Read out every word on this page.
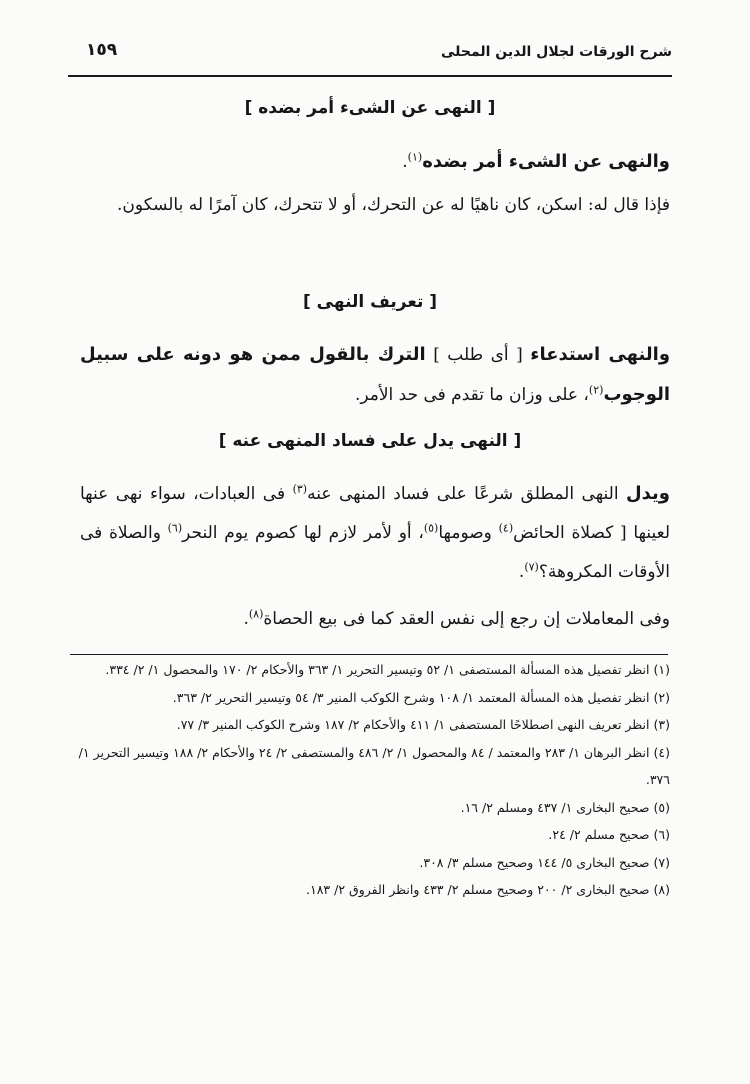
شرح الورقات لجلال الدين المحلى
١٥٩
[ النهى عن الشىء أمر بضده ]
والنهى عن الشىء أمر بضده$^{(١)}$.
فإذا قال له: اسكن، كان ناهيًا له عن التحرك، أو لا تتحرك، كان آمرًا له بالسكون.
[ تعريف النهى ]
والنهى استدعاء [ أى طلب ] الترك بالقول ممن هو دونه على سبيل الوجوب$^{(٢)}$، على وزان ما تقدم فى حد الأمر.
[ النهى يدل على فساد المنهى عنه ]
ويدل النهى المطلق شرعًا على فساد المنهى عنه$^{(٣)}$ فى العبادات، سواء نهى عنها لعينها [ كصلاة الحائض$^{(٤)}$ وصومها$^{(٥)}$، أو لأمر لازم لها كصوم يوم النحر$^{(٦)}$ والصلاة فى الأوقات المكروهة؟$^{(٧)}$.
وفى المعاملات إن رجع إلى نفس العقد كما فى بيع الحصاة$^{(٨)}$.

(١) انظر تفصيل هذه المسألة المستصفى ١/ ٥٢ وتيسير التحرير ١/ ٣٦٣ والأحكام ٢/ ١٧٠ والمحصول ١/ ٢/ ٣٣٤.

(٢) انظر تفصيل هذه المسألة المعتمد ١/ ١٠٨ وشرح الكوكب المنير ٣/ ٥٤ وتيسير التحرير ٢/ ٣٦٣.

(٣) انظر تعريف النهى اصطلاحًا المستصفى ١/ ٤١١ والأحكام ٢/ ١٨٧ وشرح الكوكب المنير ٣/ ٧٧.

(٤) انظر البرهان ١/ ٢٨٣ والمعتمد / ٨٤ والمحصول ١/ ٢/ ٤٨٦ والمستصفى ٢/ ٢٤ والأحكام ٢/ ١٨٨ وتيسير التحرير ١/ ٣٧٦.

(٥) صحيح البخارى ١/ ٤٣٧ ومسلم ٢/ ١٦.

(٦) صحيح مسلم ٢/ ٢٤.

(٧) صحيح البخارى ٥/ ١٤٤ وصحيح مسلم ٣/ ٣٠٨.

(٨) صحيح البخارى ٢/ ٢٠٠ وصحيح مسلم ٢/ ٤٣٣ وانظر الفروق ٢/ ١٨٣.
